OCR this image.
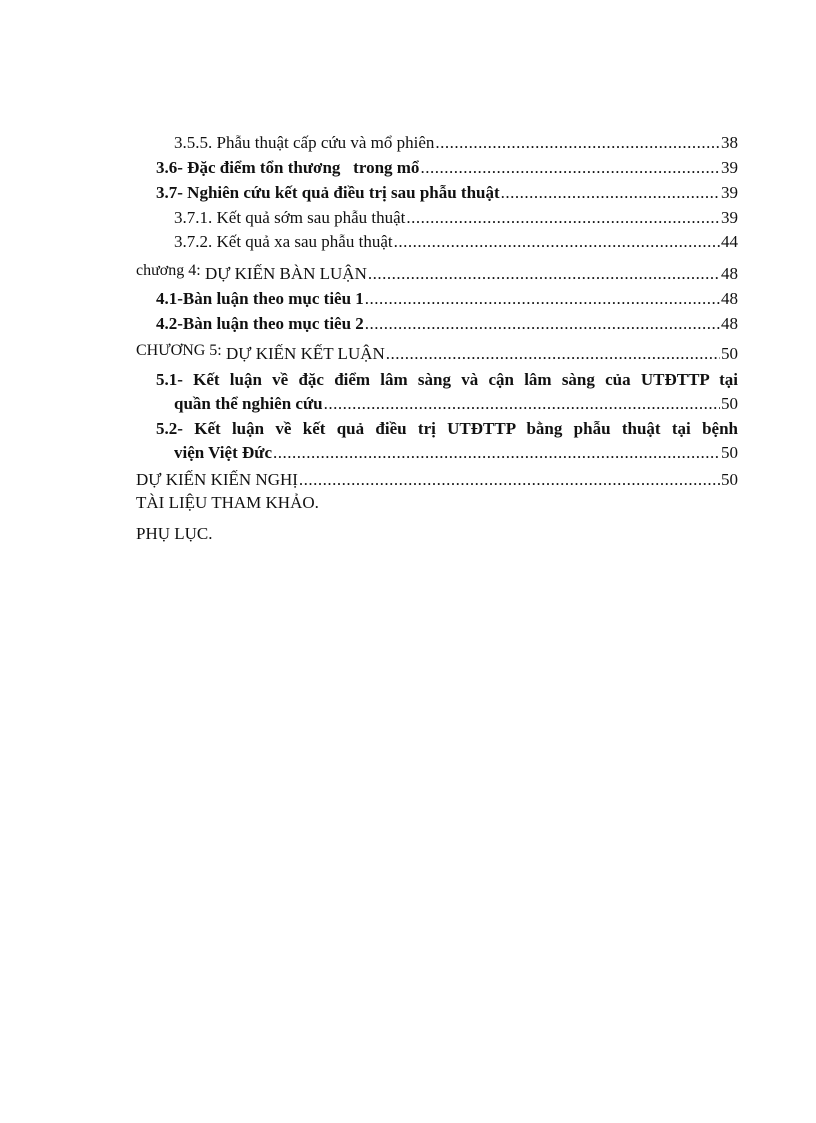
3.5.5. Phẫu thuật cấp cứu và mổ phiên .....	38
3.6- Đặc điểm tổn thương   trong mổ .....	39
3.7- Nghiên cứu kết quả điều trị sau phẫu thuật .....	39
3.7.1. Kết quả sớm sau phẫu thuật .....	39
3.7.2. Kết quả xa sau phẫu thuật .....	44
chương 4: DỰ KIẾN BÀN LUẬN .....	48
4.1-Bàn luận theo mục tiêu 1 .....	48
4.2-Bàn luận theo mục tiêu 2 .....	48
CHƯƠNG 5: DỰ KIẾN KẾT LUẬN .....	50
5.1- Kết luận về đặc điểm lâm sàng và cận lâm sàng của UTĐTTP tại
quần thể nghiên cứu .....	50
5.2- Kết luận về kết quả điều trị UTĐTTP bằng phẫu thuật tại bệnh
viện Việt Đức .....	50
DỰ KIẾN KIẾN NGHỊ .....	50
TÀI LIỆU THAM KHẢO.
PHỤ LỤC.
